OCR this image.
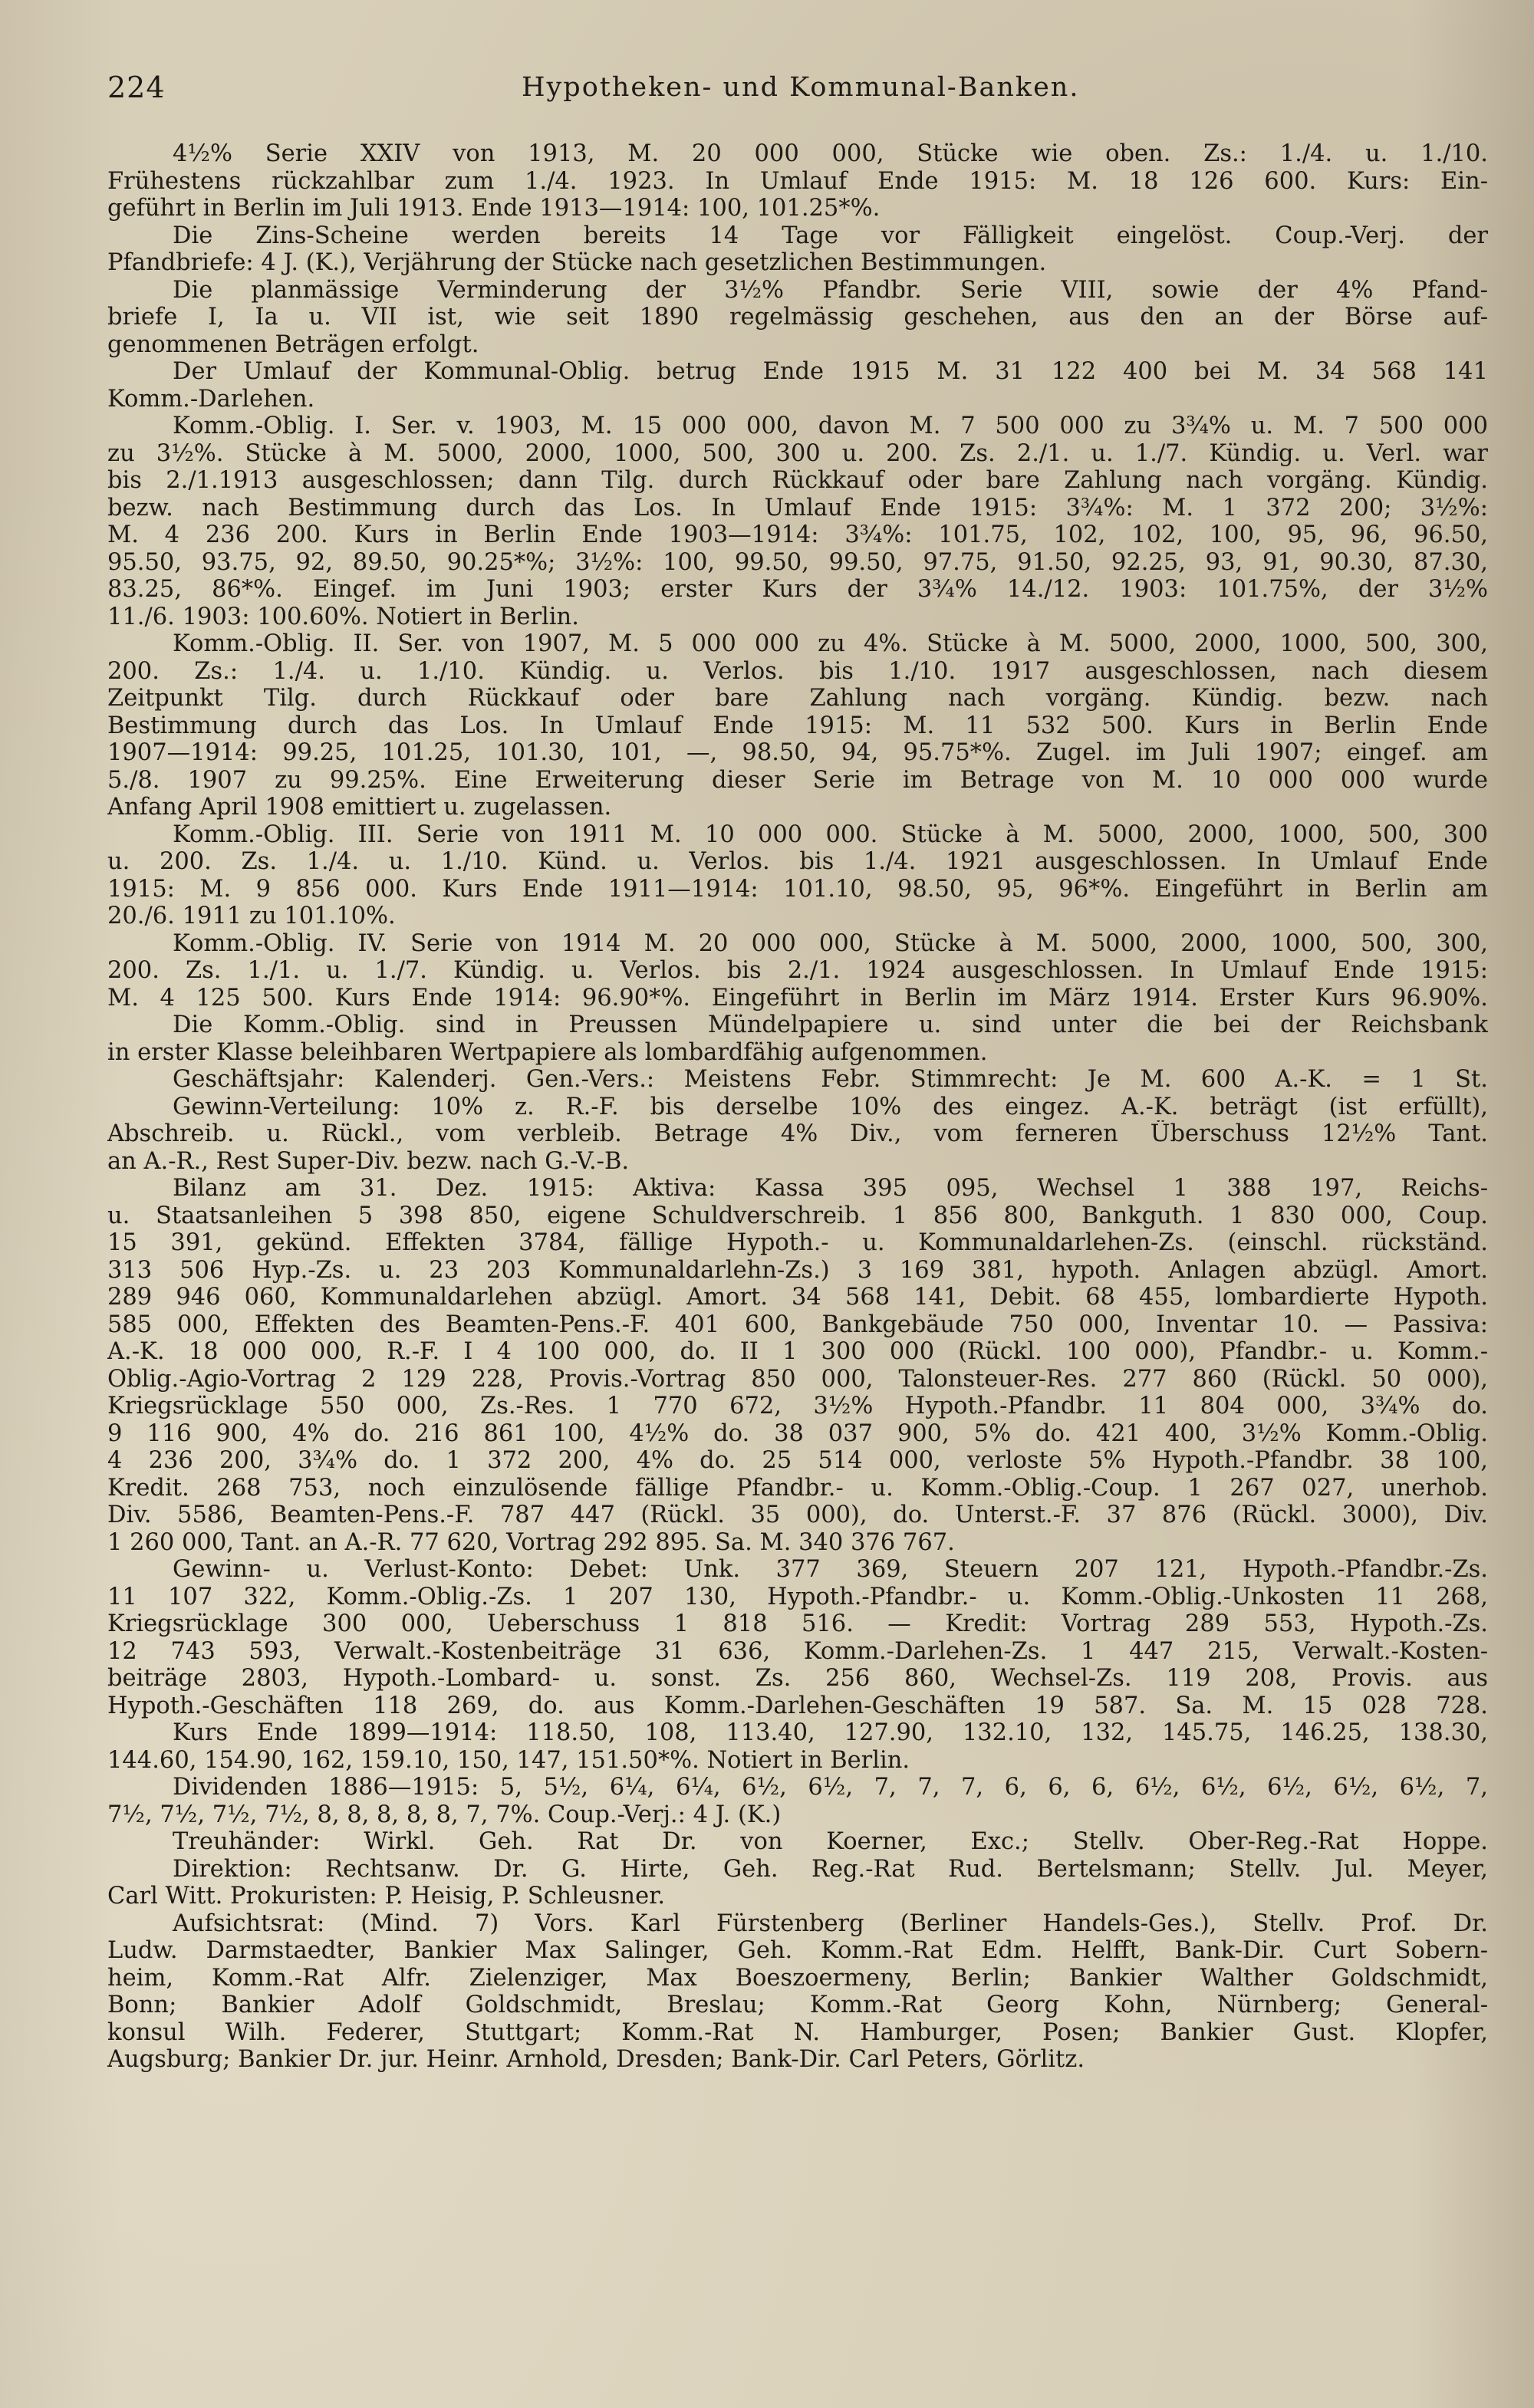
224	Hypotheken- und Kommunal-Banken.
4½% Serie XXIV von 1913, M. 20 000 000, Stücke wie oben. Zs.: 1./4. u. 1./10.
Frühestens rückzahlbar zum 1./4. 1923. In Umlauf Ende 1915: M. 18 126 600. Kurs: Ein-
geführt in Berlin im Juli 1913. Ende 1913—1914: 100, 101.25*%.
Die Zins-Scheine werden bereits 14 Tage vor Fälligkeit eingelöst. Coup.-Verj. der
Pfandbriefe: 4 J. (K.), Verjährung der Stücke nach gesetzlichen Bestimmungen.
Die planmässige Verminderung der 3½% Pfandbr. Serie VIII, sowie der 4% Pfand-
briefe I, Ia u. VII ist, wie seit 1890 regelmässig geschehen, aus den an der Börse auf-
genommenen Beträgen erfolgt.
Der Umlauf der Kommunal-Oblig. betrug Ende 1915 M. 31 122 400 bei M. 34 568 141
Komm.-Darlehen.
Komm.-Oblig. I. Ser. v. 1903, M. 15 000 000, davon M. 7 500 000 zu 3¾% u. M. 7 500 000
zu 3½%. Stücke à M. 5000, 2000, 1000, 500, 300 u. 200. Zs. 2./1. u. 1./7. Kündig. u. Verl. war
bis 2./1.1913 ausgeschlossen; dann Tilg. durch Rückkauf oder bare Zahlung nach vorgäng. Kündig.
bezw. nach Bestimmung durch das Los. In Umlauf Ende 1915: 3¾%: M. 1 372 200; 3½%:
M. 4 236 200. Kurs in Berlin Ende 1903—1914: 3¾%: 101.75, 102, 102, 100, 95, 96, 96.50,
95.50, 93.75, 92, 89.50, 90.25*%; 3½%: 100, 99.50, 99.50, 97.75, 91.50, 92.25, 93, 91, 90.30, 87.30,
83.25, 86*%. Eingef. im Juni 1903; erster Kurs der 3¾% 14./12. 1903: 101.75%, der 3½%
11./6. 1903: 100.60%. Notiert in Berlin.
Komm.-Oblig. II. Ser. von 1907, M. 5 000 000 zu 4%. Stücke à M. 5000, 2000, 1000, 500, 300,
200. Zs.: 1./4. u. 1./10. Kündig. u. Verlos. bis 1./10. 1917 ausgeschlossen, nach diesem
Zeitpunkt Tilg. durch Rückkauf oder bare Zahlung nach vorgäng. Kündig. bezw. nach
Bestimmung durch das Los. In Umlauf Ende 1915: M. 11 532 500. Kurs in Berlin Ende
1907—1914: 99.25, 101.25, 101.30, 101, —, 98.50, 94, 95.75*%. Zugel. im Juli 1907; eingef. am
5./8. 1907 zu 99.25%. Eine Erweiterung dieser Serie im Betrage von M. 10 000 000 wurde
Anfang April 1908 emittiert u. zugelassen.
Komm.-Oblig. III. Serie von 1911 M. 10 000 000. Stücke à M. 5000, 2000, 1000, 500, 300
u. 200. Zs. 1./4. u. 1./10. Künd. u. Verlos. bis 1./4. 1921 ausgeschlossen. In Umlauf Ende
1915: M. 9 856 000. Kurs Ende 1911—1914: 101.10, 98.50, 95, 96*%. Eingeführt in Berlin am
20./6. 1911 zu 101.10%.
Komm.-Oblig. IV. Serie von 1914 M. 20 000 000, Stücke à M. 5000, 2000, 1000, 500, 300,
200. Zs. 1./1. u. 1./7. Kündig. u. Verlos. bis 2./1. 1924 ausgeschlossen. In Umlauf Ende 1915:
M. 4 125 500. Kurs Ende 1914: 96.90*%. Eingeführt in Berlin im März 1914. Erster Kurs 96.90%.
Die Komm.-Oblig. sind in Preussen Mündelpapiere u. sind unter die bei der Reichsbank
in erster Klasse beleihbaren Wertpapiere als lombardfähig aufgenommen.
Geschäftsjahr: Kalenderj. Gen.-Vers.: Meistens Febr. Stimmrecht: Je M. 600 A.-K. = 1 St.
Gewinn-Verteilung: 10% z. R.-F. bis derselbe 10% des eingez. A.-K. beträgt (ist erfüllt),
Abschreib. u. Rückl., vom verbleib. Betrage 4% Div., vom ferneren Überschuss 12½% Tant.
an A.-R., Rest Super-Div. bezw. nach G.-V.-B.
Bilanz am 31. Dez. 1915: Aktiva: Kassa 395 095, Wechsel 1 388 197, Reichs-
u. Staatsanleihen 5 398 850, eigene Schuldverschreib. 1 856 800, Bankguth. 1 830 000, Coup.
15 391, gekünd. Effekten 3784, fällige Hypoth.- u. Kommunaldarlehen-Zs. (einschl. rückständ.
313 506 Hyp.-Zs. u. 23 203 Kommunaldarlehn-Zs.) 3 169 381, hypoth. Anlagen abzügl. Amort.
289 946 060, Kommunaldarlehen abzügl. Amort. 34 568 141, Debit. 68 455, lombardierte Hypoth.
585 000, Effekten des Beamten-Pens.-F. 401 600, Bankgebäude 750 000, Inventar 10. — Passiva:
A.-K. 18 000 000, R.-F. I 4 100 000, do. II 1 300 000 (Rückl. 100 000), Pfandbr.- u. Komm.-
Oblig.-Agio-Vortrag 2 129 228, Provis.-Vortrag 850 000, Talonsteuer-Res. 277 860 (Rückl. 50 000),
Kriegsrücklage 550 000, Zs.-Res. 1 770 672, 3½% Hypoth.-Pfandbr. 11 804 000, 3¾% do.
9 116 900, 4% do. 216 861 100, 4½% do. 38 037 900, 5% do. 421 400, 3½% Komm.-Oblig.
4 236 200, 3¾% do. 1 372 200, 4% do. 25 514 000, verloste 5% Hypoth.-Pfandbr. 38 100,
Kredit. 268 753, noch einzulösende fällige Pfandbr.- u. Komm.-Oblig.-Coup. 1 267 027, unerhob.
Div. 5586, Beamten-Pens.-F. 787 447 (Rückl. 35 000), do. Unterst.-F. 37 876 (Rückl. 3000), Div.
1 260 000, Tant. an A.-R. 77 620, Vortrag 292 895. Sa. M. 340 376 767.
Gewinn- u. Verlust-Konto: Debet: Unk. 377 369, Steuern 207 121, Hypoth.-Pfandbr.-Zs.
11 107 322, Komm.-Oblig.-Zs. 1 207 130, Hypoth.-Pfandbr.- u. Komm.-Oblig.-Unkosten 11 268,
Kriegsrücklage 300 000, Ueberschuss 1 818 516. — Kredit: Vortrag 289 553, Hypoth.-Zs.
12 743 593, Verwalt.-Kostenbeiträge 31 636, Komm.-Darlehen-Zs. 1 447 215, Verwalt.-Kosten-
beiträge 2803, Hypoth.-Lombard- u. sonst. Zs. 256 860, Wechsel-Zs. 119 208, Provis. aus
Hypoth.-Geschäften 118 269, do. aus Komm.-Darlehen-Geschäften 19 587. Sa. M. 15 028 728.
Kurs Ende 1899—1914: 118.50, 108, 113.40, 127.90, 132.10, 132, 145.75, 146.25, 138.30,
144.60, 154.90, 162, 159.10, 150, 147, 151.50*%. Notiert in Berlin.
Dividenden 1886—1915: 5, 5½, 6¼, 6¼, 6½, 6½, 7, 7, 7, 6, 6, 6, 6½, 6½, 6½, 6½, 6½, 7,
7½, 7½, 7½, 7½, 8, 8, 8, 8, 8, 7, 7%. Coup.-Verj.: 4 J. (K.)
Treuhänder: Wirkl. Geh. Rat Dr. von Koerner, Exc.; Stellv. Ober-Reg.-Rat Hoppe.
Direktion: Rechtsanw. Dr. G. Hirte, Geh. Reg.-Rat Rud. Bertelsmann; Stellv. Jul. Meyer,
Carl Witt. Prokuristen: P. Heisig, P. Schleusner.
Aufsichtsrat: (Mind. 7) Vors. Karl Fürstenberg (Berliner Handels-Ges.), Stellv. Prof. Dr.
Ludw. Darmstaedter, Bankier Max Salinger, Geh. Komm.-Rat Edm. Helfft, Bank-Dir. Curt Sobern-
heim, Komm.-Rat Alfr. Zielenziger, Max Boeszoermeny, Berlin; Bankier Walther Goldschmidt,
Bonn; Bankier Adolf Goldschmidt, Breslau; Komm.-Rat Georg Kohn, Nürnberg; General-
konsul Wilh. Federer, Stuttgart; Komm.-Rat N. Hamburger, Posen; Bankier Gust. Klopfer,
Augsburg; Bankier Dr. jur. Heinr. Arnhold, Dresden; Bank-Dir. Carl Peters, Görlitz.
